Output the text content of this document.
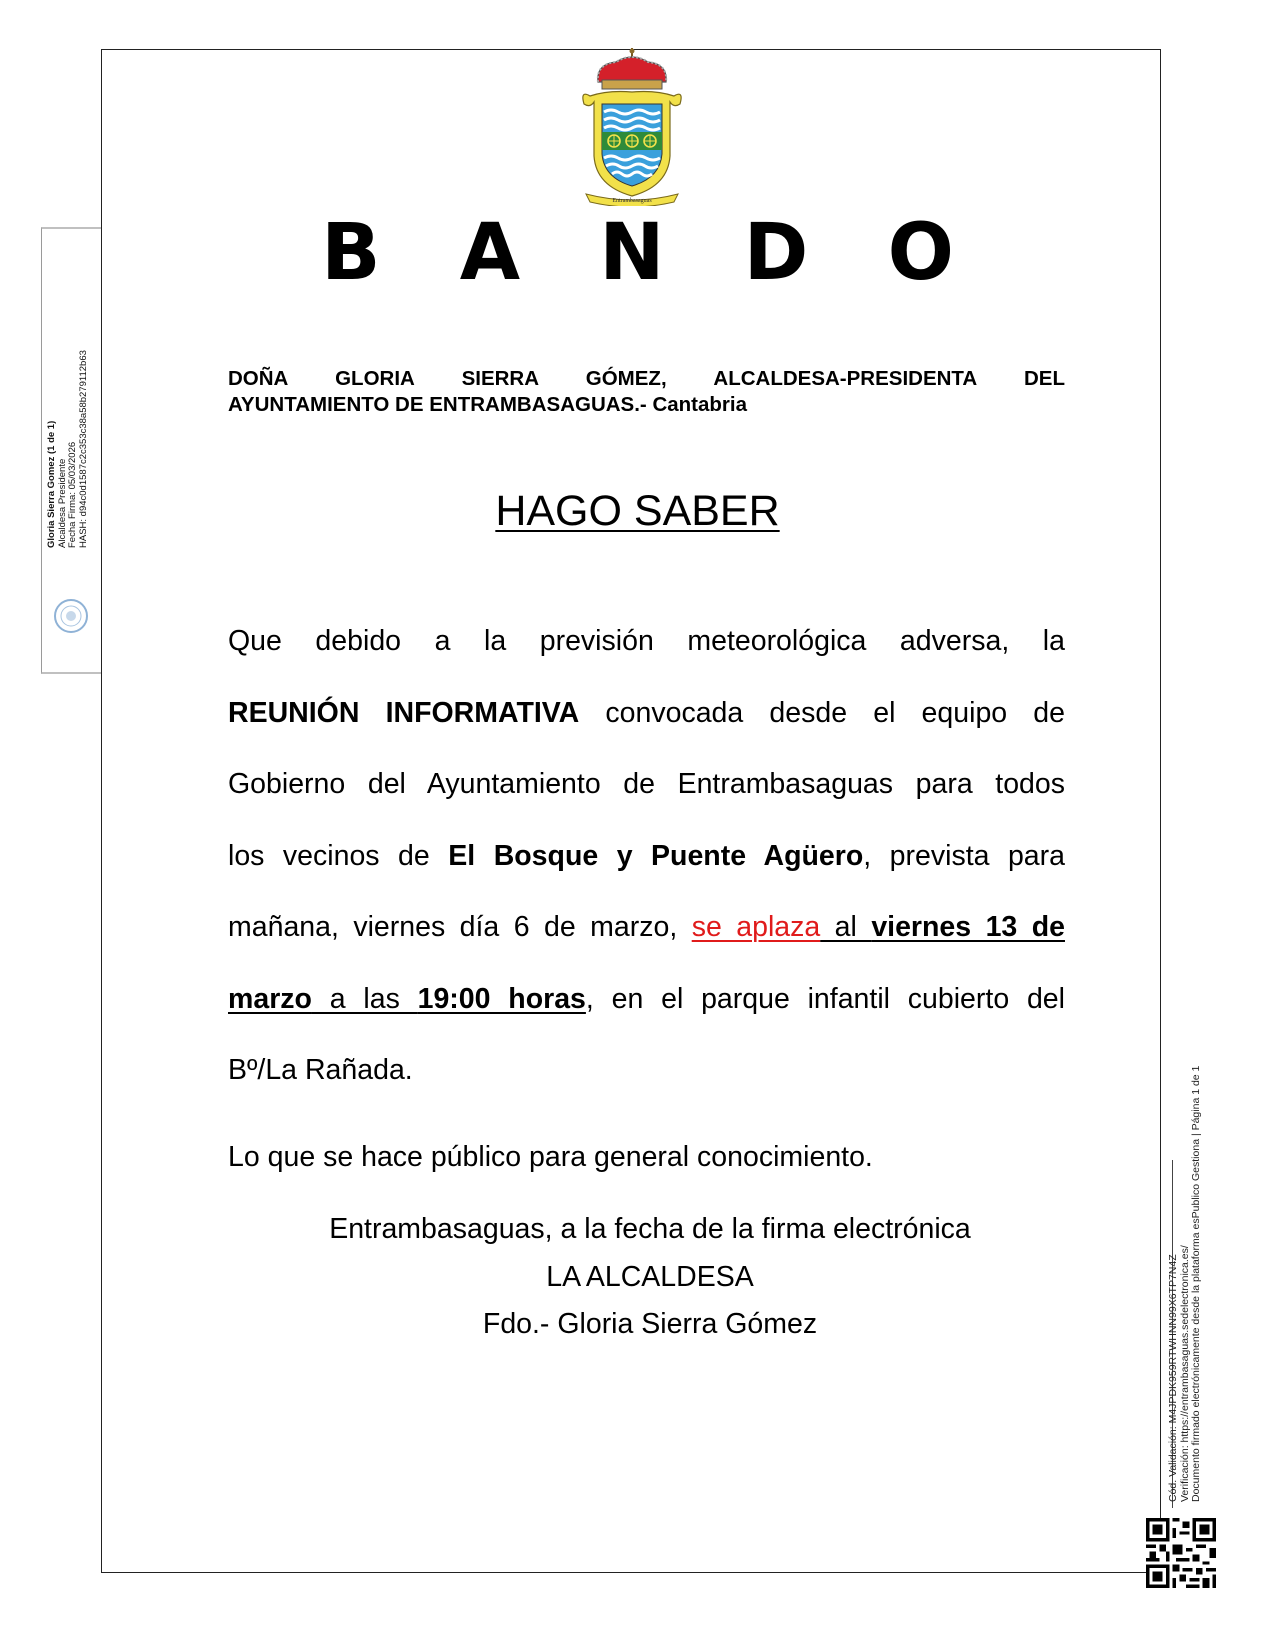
Entrambasaguas
B A N D O
DOÑA GLORIA SIERRA GÓMEZ, ALCALDESA-PRESIDENTA DEL
AYUNTAMIENTO DE ENTRAMBASAGUAS.- Cantabria
HAGO SABER
Que debido a la previsión meteorológica adversa, la
REUNIÓN INFORMATIVA convocada desde el equipo de
Gobierno del Ayuntamiento de Entrambasaguas para todos
los vecinos de El Bosque y Puente Agüero, prevista para
mañana, viernes día 6 de marzo, se aplaza al viernes 13 de
marzo a las 19:00 horas, en el parque infantil cubierto del
Bº/La Rañada.
Lo que se hace público para general conocimiento.
Entrambasaguas, a la fecha de la firma electrónica
LA ALCALDESA
Fdo.- Gloria Sierra Gómez
Gloria Sierra Gomez (1 de 1) Alcaldesa Presidente Fecha Firma: 05/03/2026 HASH: d94c0d1587c2c353c38a58b279112b63
Cód. Validación: M4JPDK959RTWHNN99X6TP7N4Z Verificación: https://entrambasaguas.sedelectronica.es/ Documento firmado electrónicamente desde la plataforma esPublico Gestiona | Página 1 de 1
